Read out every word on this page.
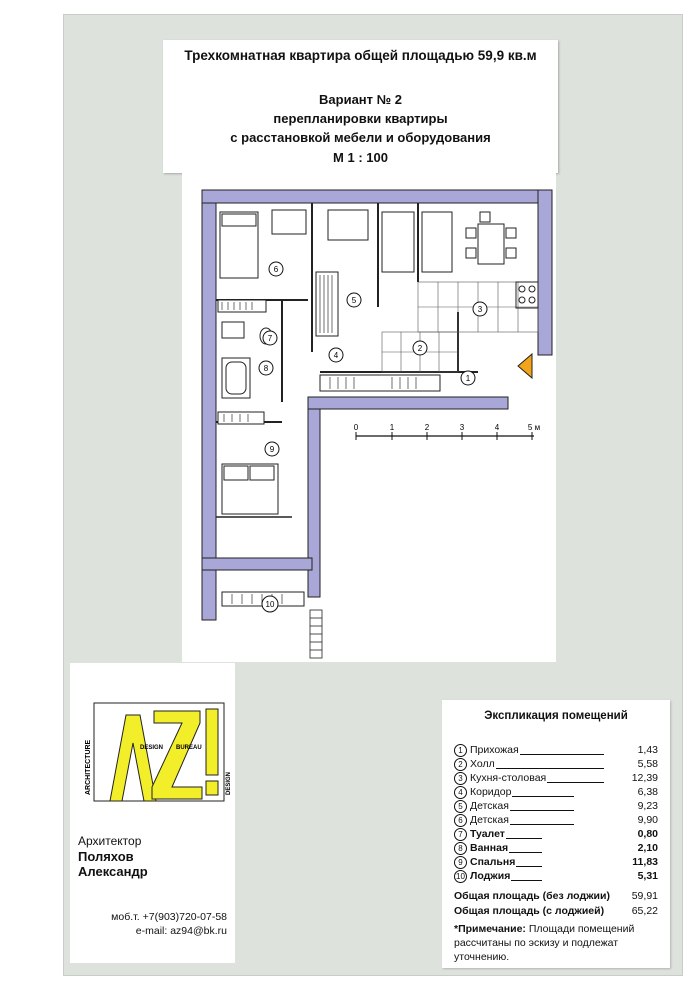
Трехкомнатная квартира общей площадью 59,9 кв.м
Вариант № 2
перепланировки квартиры
с расстановкой мебели и оборудования
М 1 : 100
0	1	2	3	4	5 м
1
2
3
4
5
6
7
8
9
10
ARCHITECTURE	DESIGN BUREAU
DESIGN
Архитектор
Поляхов
Александр
моб.т. +7(903)720-07-58
e-mail: az94@bk.ru
Экспликация помещений
1 Прихожая	1,43
2 Холл	5,58
3 Кухня-столовая	12,39
4 Коридор	6,38
5 Детская	9,23
6 Детская	9,90
7 Туалет	0,80
8 Ванная	2,10
9 Спальня	11,83
10 Лоджия	5,31
Общая площадь (без лоджии) 59,91
Общая площадь (с лоджией)	65,22
*Примечание: Площади помещений рассчитаны по эскизу и подлежат уточнению.
